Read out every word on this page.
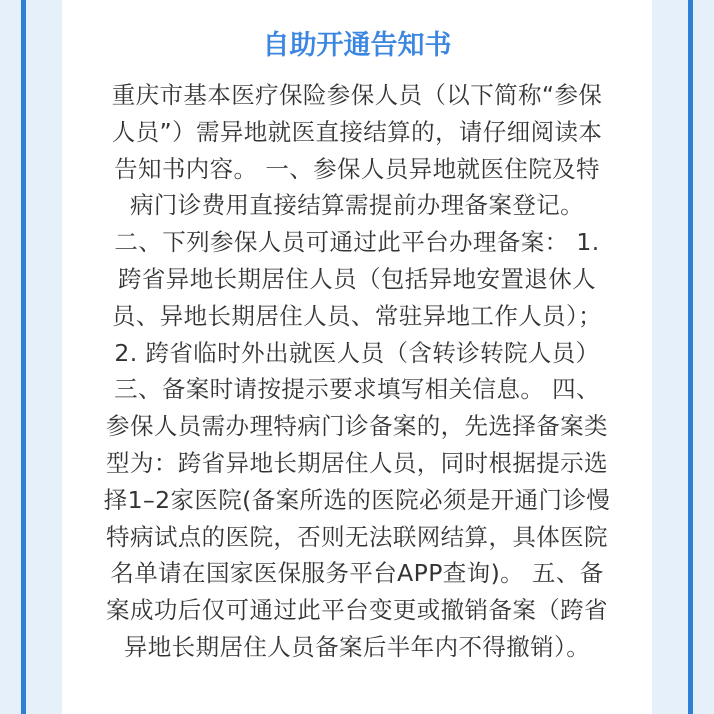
自助开通告知书
重庆市基本医疗保险参保人员（以下简称“参保
人员”）需异地就医直接结算的，请仔细阅读本
告知书内容。 一、参保人员异地就医住院及特
病门诊费用直接结算需提前办理备案登记。
二、下列参保人员可通过此平台办理备案： 1.
跨省异地长期居住人员（包括异地安置退休人
员、异地长期居住人员、常驻异地工作人员）；
2. 跨省临时外出就医人员（含转诊转院人员）
三、备案时请按提示要求填写相关信息。 四、
参保人员需办理特病门诊备案的，先选择备案类
型为：跨省异地长期居住人员，同时根据提示选
择1–2家医院(备案所选的医院必须是开通门诊慢
特病试点的医院，否则无法联网结算，具体医院
名单请在国家医保服务平台APP查询)。 五、备
案成功后仅可通过此平台变更或撤销备案（跨省
异地长期居住人员备案后半年内不得撤销）。
